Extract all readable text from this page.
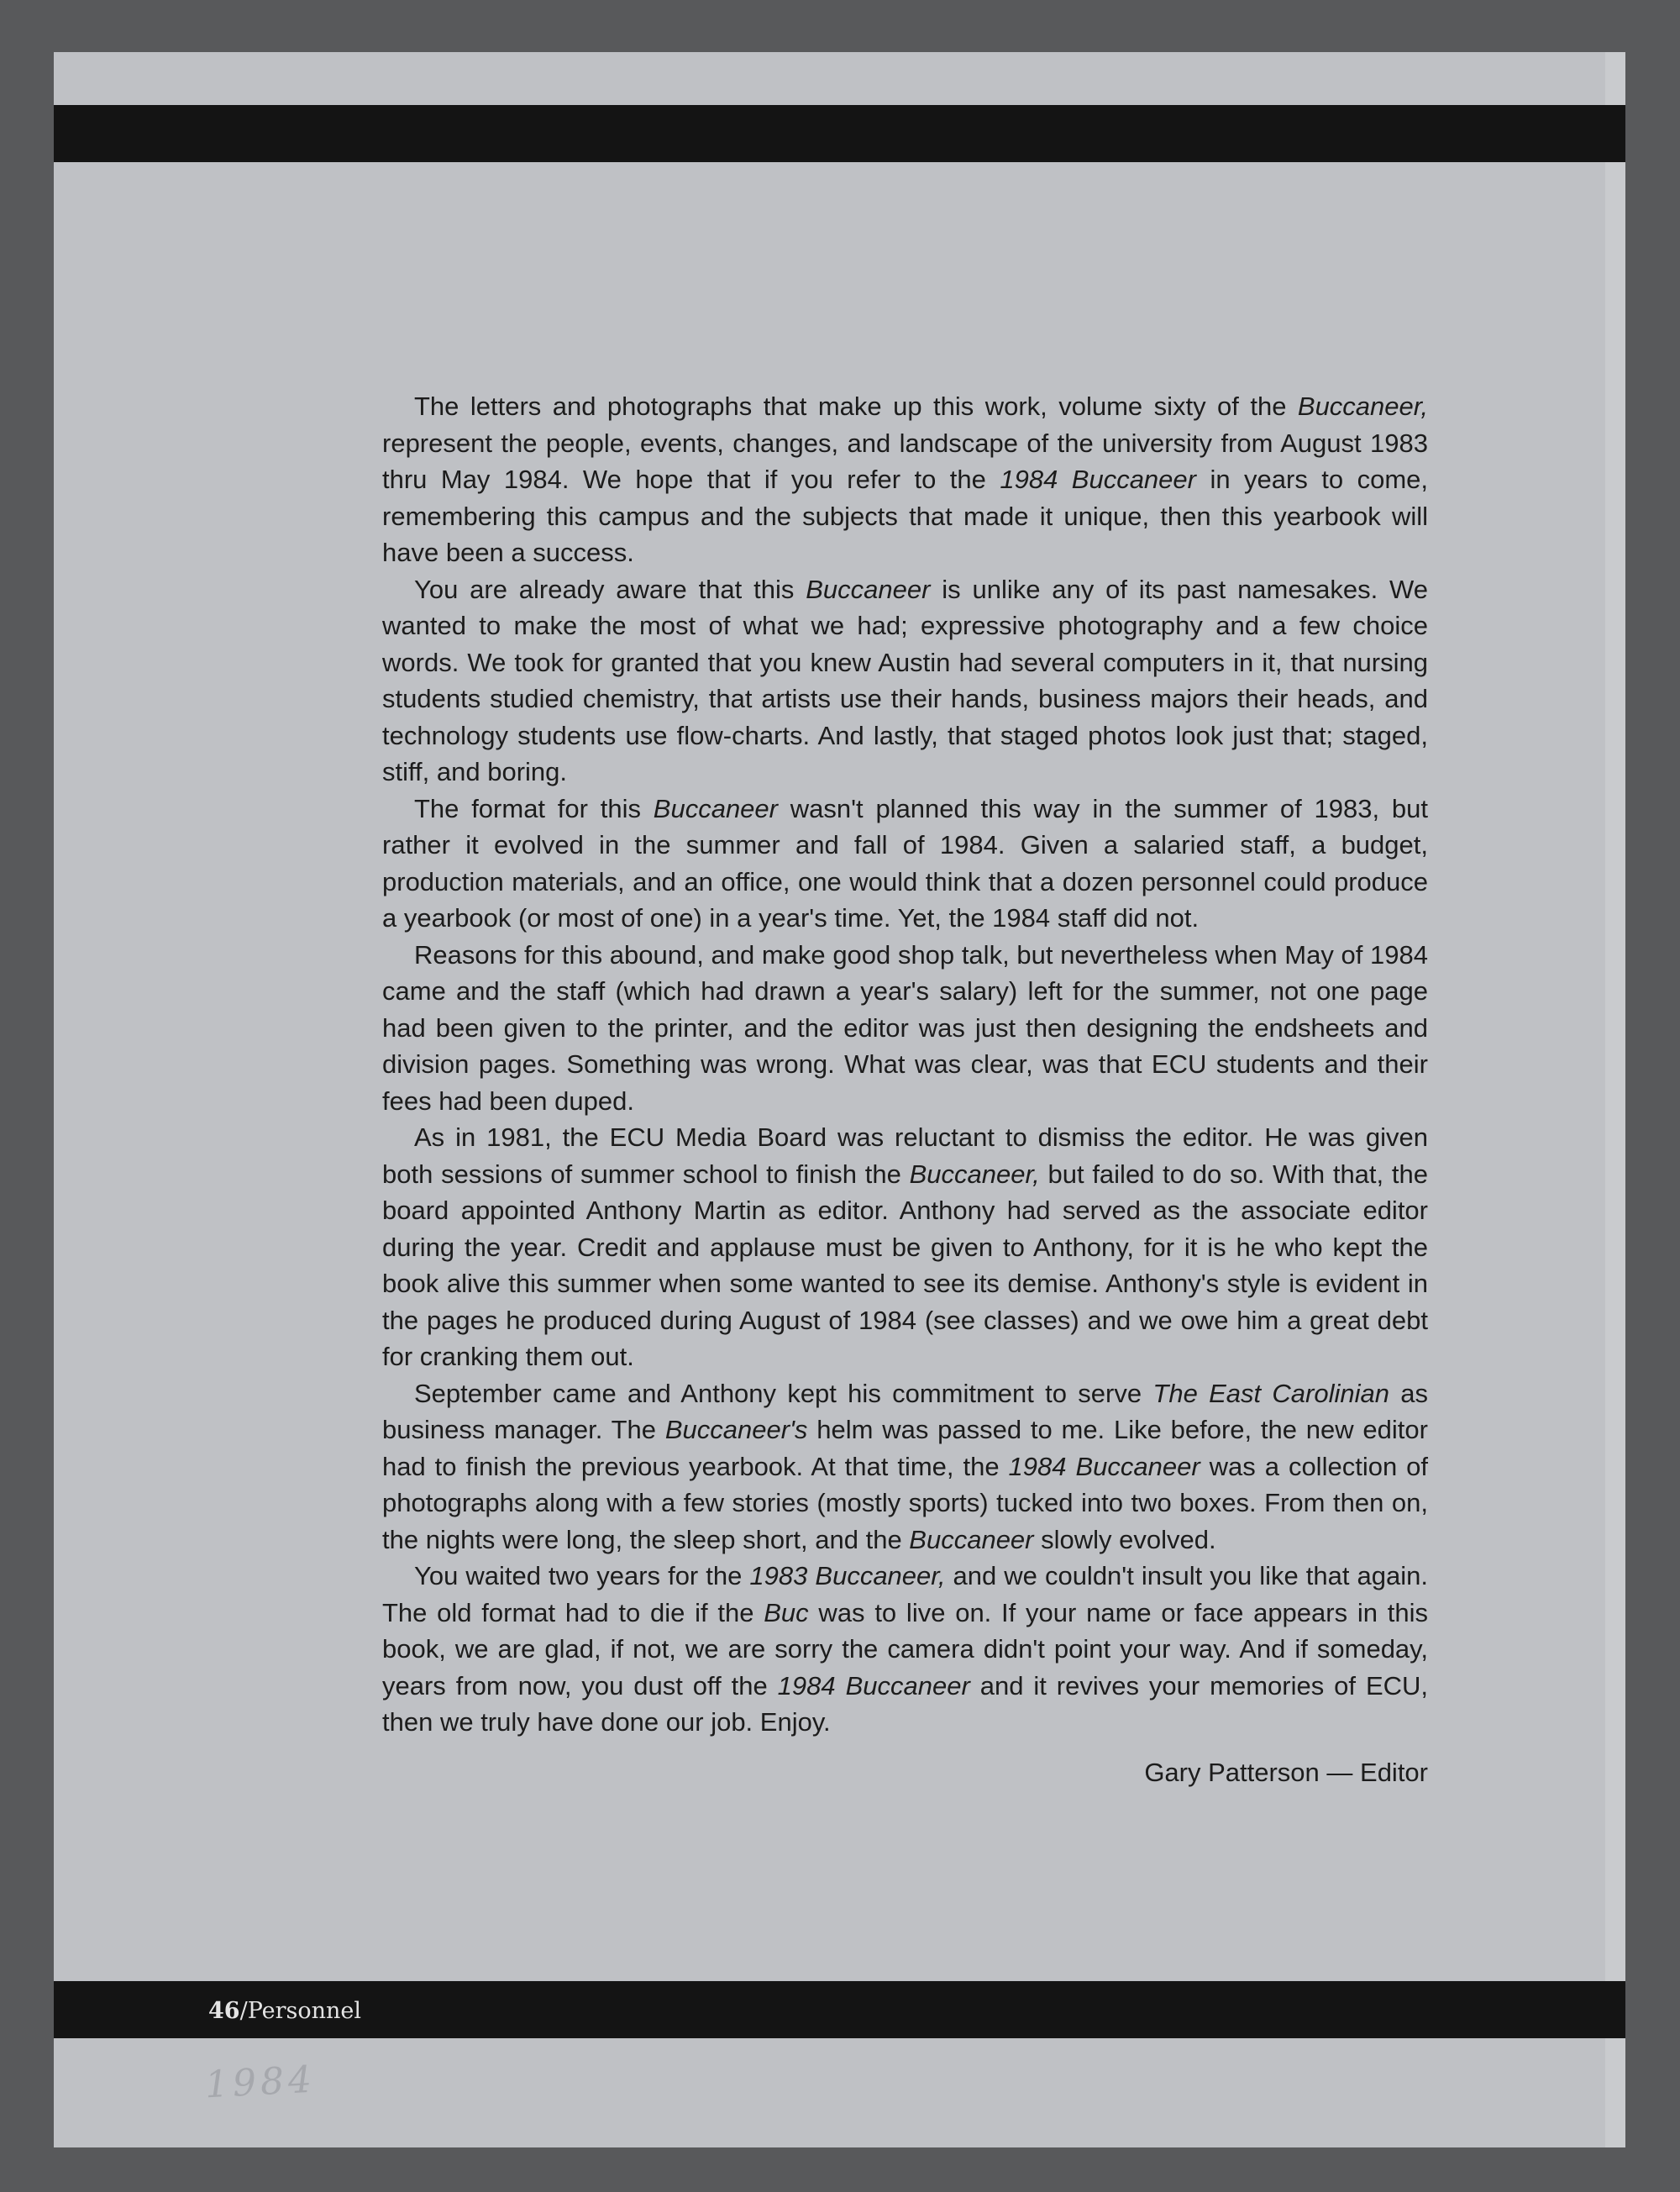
The letters and photographs that make up this work, volume sixty of the Buccaneer, represent the people, events, changes, and landscape of the university from August 1983 thru May 1984. We hope that if you refer to the 1984 Buccaneer in years to come, remembering this campus and the subjects that made it unique, then this yearbook will have been a success.

You are already aware that this Buccaneer is unlike any of its past namesakes. We wanted to make the most of what we had; expressive photography and a few choice words. We took for granted that you knew Austin had several computers in it, that nursing students studied chemistry, that artists use their hands, business majors their heads, and technology students use flow-charts. And lastly, that staged photos look just that; staged, stiff, and boring.

The format for this Buccaneer wasn't planned this way in the summer of 1983, but rather it evolved in the summer and fall of 1984. Given a salaried staff, a budget, production materials, and an office, one would think that a dozen personnel could produce a yearbook (or most of one) in a year's time. Yet, the 1984 staff did not.

Reasons for this abound, and make good shop talk, but nevertheless when May of 1984 came and the staff (which had drawn a year's salary) left for the summer, not one page had been given to the printer, and the editor was just then designing the endsheets and division pages. Something was wrong. What was clear, was that ECU students and their fees had been duped.

As in 1981, the ECU Media Board was reluctant to dismiss the editor. He was given both sessions of summer school to finish the Buccaneer, but failed to do so. With that, the board appointed Anthony Martin as editor. Anthony had served as the associate editor during the year. Credit and applause must be given to Anthony, for it is he who kept the book alive this summer when some wanted to see its demise. Anthony's style is evident in the pages he produced during August of 1984 (see classes) and we owe him a great debt for cranking them out.

September came and Anthony kept his commitment to serve The East Carolinian as business manager. The Buccaneer's helm was passed to me. Like before, the new editor had to finish the previous yearbook. At that time, the 1984 Buccaneer was a collection of photographs along with a few stories (mostly sports) tucked into two boxes. From then on, the nights were long, the sleep short, and the Buccaneer slowly evolved.

You waited two years for the 1983 Buccaneer, and we couldn't insult you like that again. The old format had to die if the Buc was to live on. If your name or face appears in this book, we are glad, if not, we are sorry the camera didn't point your way. And if someday, years from now, you dust off the 1984 Buccaneer and it revives your memories of ECU, then we truly have done our job. Enjoy.

Gary Patterson — Editor
46/Personnel
1984
